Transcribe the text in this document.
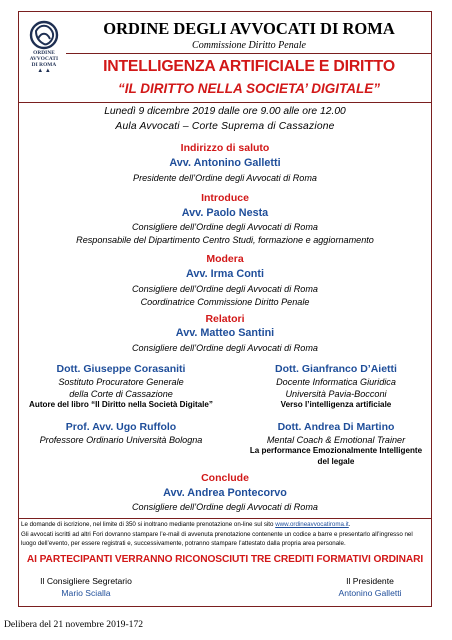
ORDINE
AVVOCATI
DI ROMA
▲ ▲
ORDINE DEGLI AVVOCATI DI ROMA
Commissione Diritto Penale
INTELLIGENZA ARTIFICIALE E DIRITTO
“IL DIRITTO NELLA SOCIETA’ DIGITALE”
Lunedì 9 dicembre 2019 dalle ore 9.00 alle ore 12.00
Aula Avvocati – Corte Suprema di Cassazione
Indirizzo di saluto
Avv. Antonino Galletti
Presidente dell’Ordine degli Avvocati di Roma
Introduce
Avv. Paolo Nesta
Consigliere dell’Ordine degli Avvocati di Roma
Responsabile del Dipartimento Centro Studi, formazione e aggiornamento
Modera
Avv. Irma Conti
Consigliere dell’Ordine degli Avvocati di Roma
Coordinatrice Commissione Diritto Penale
Relatori
Avv. Matteo Santini
Consigliere dell’Ordine degli Avvocati di Roma
Dott. Giuseppe Corasaniti
Sostituto Procuratore Generale
della Corte di Cassazione
Autore del libro “Il Diritto nella Società Digitale”
Dott. Gianfranco D’Aietti
Docente Informatica Giuridica
Università Pavia-Bocconi
Verso l’intelligenza artificiale
Prof. Avv. Ugo Ruffolo
Professore Ordinario Università Bologna
Dott. Andrea Di Martino
Mental Coach & Emotional Trainer
La performance Emozionalmente Intelligente
del legale
Conclude
Avv. Andrea Pontecorvo
Consigliere dell’Ordine degli Avvocati di Roma
Le domande di iscrizione, nel limite di 350 si inoltrano mediante prenotazione on-line sul sito www.ordineavvocatiroma.it.
Gli avvocati iscritti ad altri Fori dovranno stampare l’e-mail di avvenuta prenotazione contenente un codice a barre e presentarlo all’ingresso nel
luogo dell’evento, per essere registrati e, successivamente, potranno stampare l’attestato dalla propria area personale.
AI PARTECIPANTI VERRANNO RICONOSCIUTI TRE CREDITI FORMATIVI ORDINARI
Il Consigliere Segretario
Mario Scialla
Il Presidente
Antonino Galletti
Delibera del 21 novembre 2019-172
